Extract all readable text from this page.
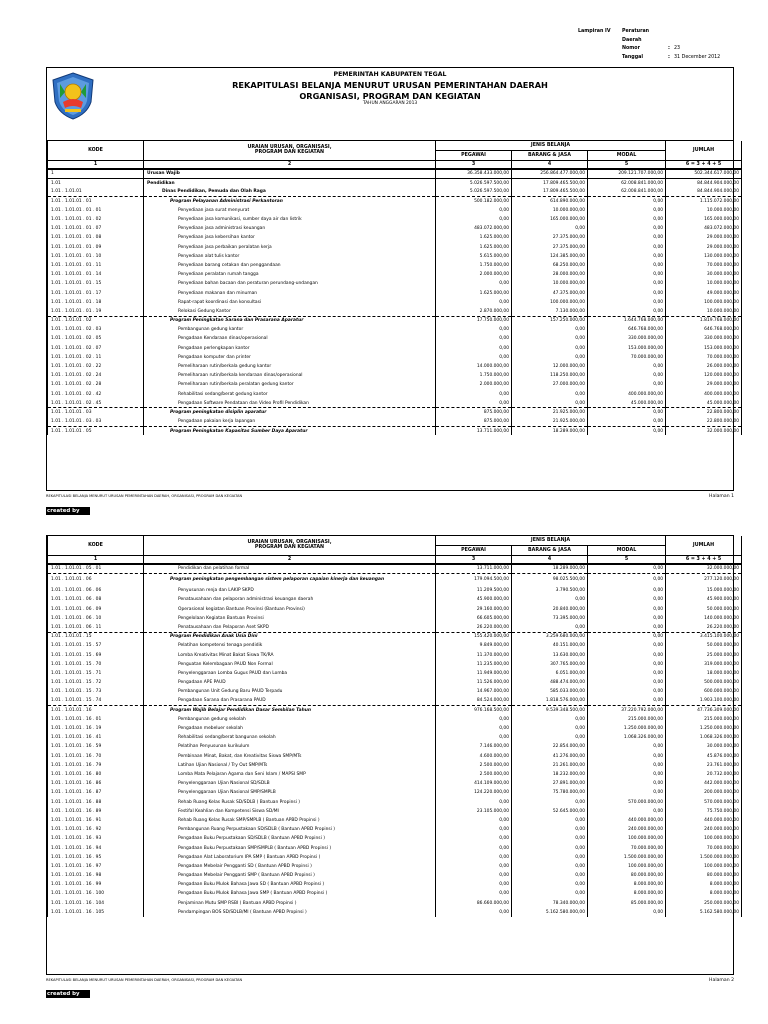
Lampiran IV	Peraturan Daerah
Nomor	: 23
Tanggal	: 31 December 2012
PEMERINTAH KABUPATEN TEGAL
REKAPITULASI BELANJA MENURUT URUSAN PEMERINTAHAN DAERAH
ORGANISASI, PROGRAM DAN KEGIATAN
TAHUN ANGGARAN 2013
KODE	URAIAN URUSAN, ORGANISASI,
PROGRAM DAN KEGIATAN	JENIS BELANJA			JUMLAH
		PEGAWAI	BARANG & JASA	MODAL	
1	2	3	4	5	6 = 3 + 4 + 5
1	Urusan Wajib	36.358.433.000,00	256.864.477.000,00	209.121.707.000,00	502.344.617.000,00
1.01	Pendidikan	5.026.597.500,00	17.809.465.500,00	62.008.841.000,00	84.844.904.000,00
1.01 . 1.01.01	Dinas Pendidikan, Pemuda dan Olah Raga	5.026.597.500,00	17.809.465.500,00	62.008.841.000,00	84.844.904.000,00
1.01 . 1.01.01 . 01	Program Pelayanan Administrasi Perkantoran	500.182.000,00	614.890.000,00	0,00	1.115.072.000,00
1.01 . 1.01.01 . 01 . 01	Penyediaan jasa surat menyurat	0,00	10.000.000,00	0,00	10.000.000,00
1.01 . 1.01.01 . 01 . 02	Penyediaan jasa komunikasi, sumber daya air dan listrik	0,00	165.000.000,00	0,00	165.000.000,00
1.01 . 1.01.01 . 01 . 07	Penyediaan jasa administrasi keuangan	483.072.000,00	0,00	0,00	483.072.000,00
1.01 . 1.01.01 . 01 . 08	Penyediaan jasa kebersihan kantor	1.625.000,00	27.375.000,00	0,00	29.000.000,00
1.01 . 1.01.01 . 01 . 09	Penyediaan jasa perbaikan peralatan kerja	1.625.000,00	27.375.000,00	0,00	29.000.000,00
1.01 . 1.01.01 . 01 . 10	Penyediaan alat tulis kantor	5.615.000,00	124.385.000,00	0,00	130.000.000,00
1.01 . 1.01.01 . 01 . 11	Penyediaan barang cetakan dan penggandaan	1.750.000,00	68.250.000,00	0,00	70.000.000,00
1.01 . 1.01.01 . 01 . 14	Penyediaan peralatan rumah tangga	2.000.000,00	28.000.000,00	0,00	30.000.000,00
1.01 . 1.01.01 . 01 . 15	Penyediaan bahan bacaan dan peraturan perundang-undangan	0,00	10.000.000,00	0,00	10.000.000,00
1.01 . 1.01.01 . 01 . 17	Penyediaan makanan dan minuman	1.625.000,00	47.375.000,00	0,00	49.000.000,00
1.01 . 1.01.01 . 01 . 18	Rapat-rapat koordinasi dan konsultasi	0,00	100.000.000,00	0,00	100.000.000,00
1.01 . 1.01.01 . 01 . 19	Relokasi Gedung Kantor	2.870.000,00	7.130.000,00	0,00	10.000.000,00
1.01 . 1.01.01 . 02	Program Peningkatan Sarana dan Prasarana Aparatur	17.750.000,00	157.250.000,00	1.644.768.000,00	1.819.768.000,00
1.01 . 1.01.01 . 02 . 03	Pembangunan gedung kantor	0,00	0,00	646.768.000,00	646.768.000,00
1.01 . 1.01.01 . 02 . 05	Pengadaan Kendaraan dinas/operasional	0,00	0,00	330.000.000,00	330.000.000,00
1.01 . 1.01.01 . 02 . 07	Pengadaan perlengkapan kantor	0,00	0,00	153.000.000,00	153.000.000,00
1.01 . 1.01.01 . 02 . 11	Pengadaan komputer dan printer	0,00	0,00	70.000.000,00	70.000.000,00
1.01 . 1.01.01 . 02 . 22	Pemeliharaan rutin/berkala gedung kantor	14.000.000,00	12.000.000,00	0,00	26.000.000,00
1.01 . 1.01.01 . 02 . 24	Pemeliharaan rutin/berkala kendaraan dinas/operasional	1.750.000,00	118.250.000,00	0,00	120.000.000,00
1.01 . 1.01.01 . 02 . 28	Pemeliharaan rutin/berkala peralatan gedung kantor	2.000.000,00	27.000.000,00	0,00	29.000.000,00
1.01 . 1.01.01 . 02 . 42	Rehabilitasi sedang/berat gedung kantor	0,00	0,00	400.000.000,00	400.000.000,00
1.01 . 1.01.01 . 02 . 45	Pengadaan Software Pendataan dan Video Profil Pendidikan	0,00	0,00	45.000.000,00	45.000.000,00
1.01 . 1.01.01 . 03	Program peningkatan disiplin aparatur	875.000,00	21.925.000,00	0,00	22.800.000,00
1.01 . 1.01.01 . 03 . 03	Pengadaan pakaian kerja lapangan	875.000,00	21.925.000,00	0,00	22.800.000,00
1.01 . 1.01.01 . 05	Program Peningkatan Kapasitas Sumber Daya Aparatur	13.711.000,00	18.289.000,00	0,00	32.000.000,00
REKAPITULASI BELANJA MENURUT URUSAN PEMERINTAHAN DAERAH, ORGANISASI, PROGRAM DAN KEGIATAN	Halaman 1
created by Simda
KODE	URAIAN URUSAN, ORGANISASI,
PROGRAM DAN KEGIATAN	JENIS BELANJA			JUMLAH
		PEGAWAI	BARANG & JASA	MODAL	
1	2	3	4	5	6 = 3 + 4 + 5
1.01 . 1.01.01 . 05 . 01	Pendidikan dan pelatihan formal	13.711.000,00	18.289.000,00	0,00	32.000.000,00
1.01 . 1.01.01 . 06	Program peningkatan pengembangan sistem pelaporan capaian kinerja dan keuangan	179.094.500,00	98.025.500,00	0,00	277.120.000,00
1.01 . 1.01.01 . 06 . 06	Penyusunan renja dan LAKIP SKPD	11.209.500,00	3.790.500,00	0,00	15.000.000,00
1.01 . 1.01.01 . 06 . 08	Penatausahaan dan pelaporan administrasi keuangan daerah	45.900.000,00	0,00	0,00	45.900.000,00
1.01 . 1.01.01 . 06 . 09	Operasional kegiatan Bantuan Provinsi (Bantuan Provinsi)	29.160.000,00	20.840.000,00	0,00	50.000.000,00
1.01 . 1.01.01 . 06 . 10	Pengelolaan Kegiatan Bantuan Provinsi	66.605.000,00	73.395.000,00	0,00	140.000.000,00
1.01 . 1.01.01 . 06 . 11	Penatausahaan dan Pelaporan Aset SKPD	26.220.000,00	0,00	0,00	26.220.000,00
1.01 . 1.01.01 . 15	Program Pendidikan Anak Usia Dini	155.420.000,00	3.259.680.000,00	0,00	3.415.100.000,00
1.01 . 1.01.01 . 15 . 57	Pelatihan kompetensi tenaga pendidik	9.849.000,00	40.151.000,00	0,00	50.000.000,00
1.01 . 1.01.01 . 15 . 69	Lomba Kreativitas Minat Bakat Siswa TK/RA	11.370.000,00	13.630.000,00	0,00	25.000.000,00
1.01 . 1.01.01 . 15 . 70	Penguatan Kelembagaan PAUD Non Formal	11.235.000,00	307.765.000,00	0,00	319.000.000,00
1.01 . 1.01.01 . 15 . 71	Penyelenggaraan Lomba Gugus PAUD dan Lomba	11.949.000,00	6.051.000,00	0,00	18.000.000,00
1.01 . 1.01.01 . 15 . 72	Pengadaan APE PAUD	11.526.000,00	488.474.000,00	0,00	500.000.000,00
1.01 . 1.01.01 . 15 . 73	Pembangunan Unit Gedung Baru PAUD Terpadu	14.967.000,00	585.033.000,00	0,00	600.000.000,00
1.01 . 1.01.01 . 15 . 74	Pengadaan Sarana dan Prasarana PAUD	84.524.000,00	1.818.576.000,00	0,00	1.903.100.000,00
1.01 . 1.01.01 . 16	Program Wajib Belajar Pendidikan Dasar Sembilan Tahun	976.168.500,00	9.539.348.500,00	37.220.792.000,00	47.736.309.000,00
1.01 . 1.01.01 . 16 . 01	Pembangunan gedung sekolah	0,00	0,00	215.000.000,00	215.000.000,00
1.01 . 1.01.01 . 16 . 19	Pengadaan mebeluer sekolah	0,00	0,00	1.250.000.000,00	1.250.000.000,00
1.01 . 1.01.01 . 16 . 41	Rehabilitasi sedang/berat bangunan sekolah	0,00	0,00	1.068.326.000,00	1.068.326.000,00
1.01 . 1.01.01 . 16 . 59	Pelatihan Penyusunan kurikulum	7.146.000,00	22.854.000,00	0,00	30.000.000,00
1.01 . 1.01.01 . 16 . 70	Pembinaan Minat, Bakat, dan Kreativitas Siswa SMP/MTs	4.600.000,00	41.276.000,00	0,00	45.876.000,00
1.01 . 1.01.01 . 16 . 79	Latihan Ujian Nasional / Try Out SMP/MTs	2.500.000,00	21.261.000,00	0,00	23.761.000,00
1.01 . 1.01.01 . 16 . 80	Lomba Mata Pelajaran Agama dan Seni Islam / MAPSI SMP	2.500.000,00	18.232.000,00	0,00	20.732.000,00
1.01 . 1.01.01 . 16 . 86	Penyelenggaraan Ujian Nasional SD/SDLB	414.109.000,00	27.891.000,00	0,00	442.000.000,00
1.01 . 1.01.01 . 16 . 87	Penyelenggaraan Ujian Nasional SMP/SMPLB	124.220.000,00	75.780.000,00	0,00	200.000.000,00
1.01 . 1.01.01 . 16 . 88	Rehab Ruang Kelas Rusak SD/SDLB ( Bantuan Propinsi )	0,00	0,00	570.000.000,00	570.000.000,00
1.01 . 1.01.01 . 16 . 89	Festifal Keahlian dan Kompetensi Siswa SD/MI	23.105.000,00	52.645.000,00	0,00	75.750.000,00
1.01 . 1.01.01 . 16 . 91	Rehab Ruang Kelas Rusak SMP/SMPLB ( Bantuan APBD Propinsi )	0,00	0,00	440.000.000,00	440.000.000,00
1.01 . 1.01.01 . 16 . 92	Pembangunan Ruang Perpustakaan SD/SDLB ( Bantuan APBD Propinsi )	0,00	0,00	240.000.000,00	240.000.000,00
1.01 . 1.01.01 . 16 . 93	Pengadaan Buku Perpustakaan SD/SDLB ( Bantuan APBD Propinsi )	0,00	0,00	100.000.000,00	100.000.000,00
1.01 . 1.01.01 . 16 . 94	Pengadaan Buku Perpustakaan SMP/SMPLB ( Bantuan APBD Propinsi )	0,00	0,00	70.000.000,00	70.000.000,00
1.01 . 1.01.01 . 16 . 95	Pengadaan Alat Laboratorium IPA SMP ( Bantuan APBD Propinsi )	0,00	0,00	1.500.000.000,00	1.500.000.000,00
1.01 . 1.01.01 . 16 . 97	Pengadaan Mebelair Pengganti SD ( Bantuan APBD Propinsi )	0,00	0,00	100.000.000,00	100.000.000,00
1.01 . 1.01.01 . 16 . 98	Pengadaan Mebelair Pengganti SMP ( Bantuan APBD Propinsi )	0,00	0,00	80.000.000,00	80.000.000,00
1.01 . 1.01.01 . 16 . 99	Pengadaan Buku Mulok Bahasa Jawa SD ( Bantuan APBD Propinsi )	0,00	0,00	8.000.000,00	8.000.000,00
1.01 . 1.01.01 . 16 . 100	Pengadaan Buku Mulok Bahasa Jawa SMP ( Bantuan APBD Propinsi )	0,00	0,00	8.000.000,00	8.000.000,00
1.01 . 1.01.01 . 16 . 104	Penjaminan Mutu SMP RSBI ( Bantuan APBD Propinsi )	86.660.000,00	78.340.000,00	85.000.000,00	250.000.000,00
1.01 . 1.01.01 . 16 . 105	Pendampingan BOS SD/SDLB/MI ( Bantuan APBD Propinsi )	0,00	5.162.580.000,00	0,00	5.162.580.000,00
REKAPITULASI BELANJA MENURUT URUSAN PEMERINTAHAN DAERAH, ORGANISASI, PROGRAM DAN KEGIATAN	Halaman 2
created by Simda
